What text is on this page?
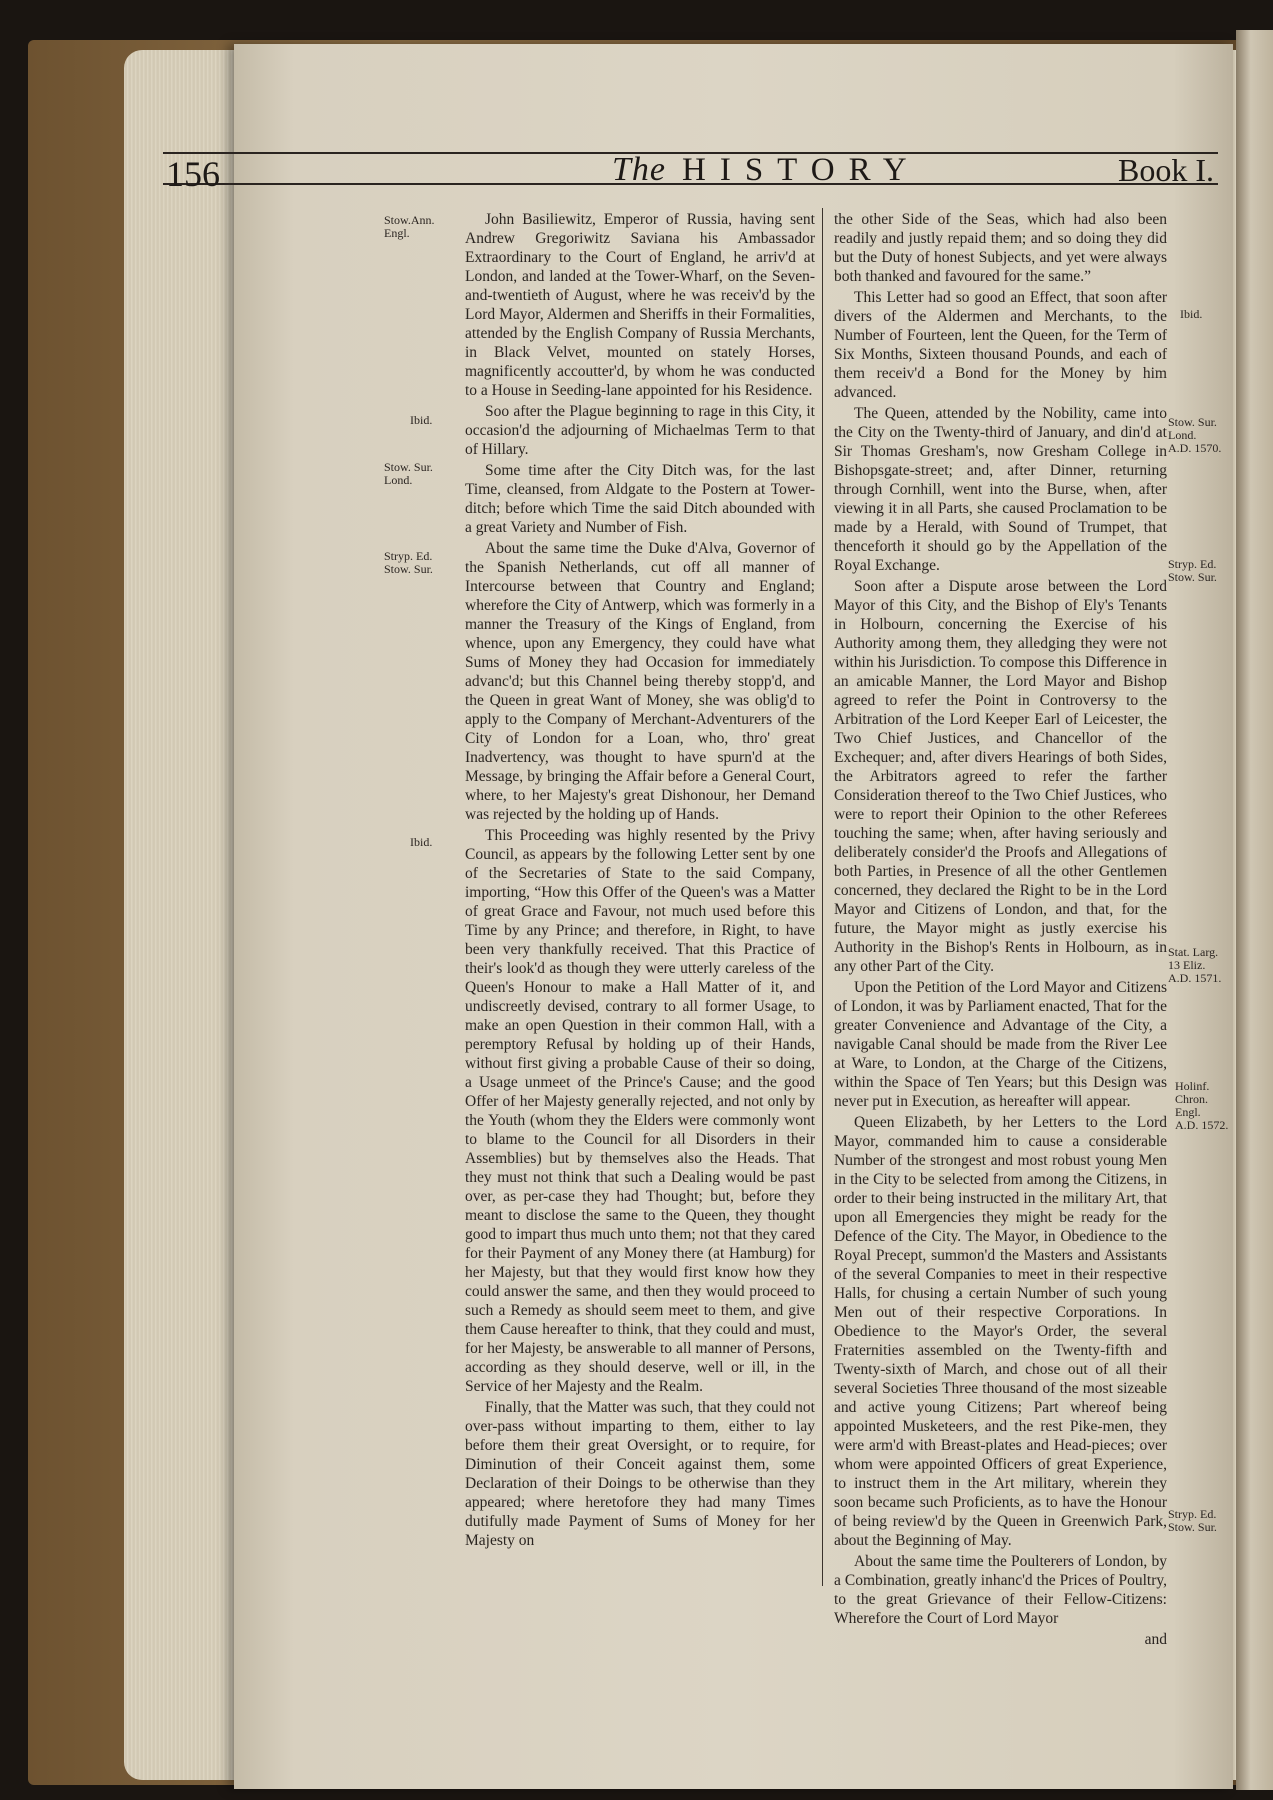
156	The HISTORY	Book I.

John Basiliewitz, Emperor of Russia, having sent Andrew Gregoriwitz Saviana his Ambassador Extraordinary to the Court of England, he arriv'd at London, and landed at the Tower-Wharf, on the Seven-and-twentieth of August, where he was receiv'd by the Lord Mayor, Aldermen and Sheriffs in their Formalities, attended by the English Company of Russia Merchants, in Black Velvet, mounted on stately Horses, magnificently accoutter'd, by whom he was conducted to a House in Seeding-lane appointed for his Residence.

Soo after the Plague beginning to rage in this City, it occasion'd the adjourning of Michaelmas Term to that of Hillary.

Some time after the City Ditch was, for the last Time, cleansed, from Aldgate to the Postern at Tower-ditch; before which Time the said Ditch abounded with a great Variety and Number of Fish.

About the same time the Duke d'Alva, Governor of the Spanish Netherlands, cut off all manner of Intercourse between that Country and England; wherefore the City of Antwerp, which was formerly in a manner the Treasury of the Kings of England, from whence, upon any Emergency, they could have what Sums of Money they had Occasion for immediately advanc'd; but this Channel being thereby stopp'd, and the Queen in great Want of Money, she was oblig'd to apply to the Company of Merchant-Adventurers of the City of London for a Loan, who, thro' great Inadvertency, was thought to have spurn'd at the Message, by bringing the Affair before a General Court, where, to her Majesty's great Dishonour, her Demand was rejected by the holding up of Hands.

This Proceeding was highly resented by the Privy Council, as appears by the following Letter sent by one of the Secretaries of State to the said Company, importing, “How this Offer of the Queen's was a Matter of great Grace and Favour, not much used before this Time by any Prince; and therefore, in Right, to have been very thankfully received. That this Practice of their's look'd as though they were utterly careless of the Queen's Honour to make a Hall Matter of it, and undiscreetly devised, contrary to all former Usage, to make an open Question in their common Hall, with a peremptory Refusal by holding up of their Hands, without first giving a probable Cause of their so doing, a Usage unmeet of the Prince's Cause; and the good Offer of her Majesty generally rejected, and not only by the Youth (whom they the Elders were commonly wont to blame to the Council for all Disorders in their Assemblies) but by themselves also the Heads. That they must not think that such a Dealing would be past over, as per-case they had Thought; but, before they meant to disclose the same to the Queen, they thought good to impart thus much unto them; not that they cared for their Payment of any Money there (at Hamburg) for her Majesty, but that they would first know how they could answer the same, and then they would proceed to such a Remedy as should seem meet to them, and give them Cause hereafter to think, that they could and must, for her Majesty, be answerable to all manner of Persons, according as they should deserve, well or ill, in the Service of her Majesty and the Realm.

Finally, that the Matter was such, that they could not over-pass without imparting to them, either to lay before them their great Oversight, or to require, for Diminution of their Conceit against them, some Declaration of their Doings to be otherwise than they appeared; where heretofore they had many Times dutifully made Payment of Sums of Money for her Majesty on

the other Side of the Seas, which had also been readily and justly repaid them; and so doing they did but the Duty of honest Subjects, and yet were always both thanked and favoured for the same.”

This Letter had so good an Effect, that soon after divers of the Aldermen and Merchants, to the Number of Fourteen, lent the Queen, for the Term of Six Months, Sixteen thousand Pounds, and each of them receiv'd a Bond for the Money by him advanced.

The Queen, attended by the Nobility, came into the City on the Twenty-third of January, and din'd at Sir Thomas Gresham's, now Gresham College in Bishopsgate-street; and, after Dinner, returning through Cornhill, went into the Burse, when, after viewing it in all Parts, she caused Proclamation to be made by a Herald, with Sound of Trumpet, that thenceforth it should go by the Appellation of the Royal Exchange.

Soon after a Dispute arose between the Lord Mayor of this City, and the Bishop of Ely's Tenants in Holbourn, concerning the Exercise of his Authority among them, they alledging they were not within his Jurisdiction. To compose this Difference in an amicable Manner, the Lord Mayor and Bishop agreed to refer the Point in Controversy to the Arbitration of the Lord Keeper Earl of Leicester, the Two Chief Justices, and Chancellor of the Exchequer; and, after divers Hearings of both Sides, the Arbitrators agreed to refer the farther Consideration thereof to the Two Chief Justices, who were to report their Opinion to the other Referees touching the same; when, after having seriously and deliberately consider'd the Proofs and Allegations of both Parties, in Presence of all the other Gentlemen concerned, they declared the Right to be in the Lord Mayor and Citizens of London, and that, for the future, the Mayor might as justly exercise his Authority in the Bishop's Rents in Holbourn, as in any other Part of the City.

Upon the Petition of the Lord Mayor and Citizens of London, it was by Parliament enacted, That for the greater Convenience and Advantage of the City, a navigable Canal should be made from the River Lee at Ware, to London, at the Charge of the Citizens, within the Space of Ten Years; but this Design was never put in Execution, as hereafter will appear.

Queen Elizabeth, by her Letters to the Lord Mayor, commanded him to cause a considerable Number of the strongest and most robust young Men in the City to be selected from among the Citizens, in order to their being instructed in the military Art, that upon all Emergencies they might be ready for the Defence of the City. The Mayor, in Obedience to the Royal Precept, summon'd the Masters and Assistants of the several Companies to meet in their respective Halls, for chusing a certain Number of such young Men out of their respective Corporations. In Obedience to the Mayor's Order, the several Fraternities assembled on the Twenty-fifth and Twenty-sixth of March, and chose out of all their several Societies Three thousand of the most sizeable and active young Citizens; Part whereof being appointed Musketeers, and the rest Pike-men, they were arm'd with Breast-plates and Head-pieces; over whom were appointed Officers of great Experience, to instruct them in the Art military, wherein they soon became such Proficients, as to have the Honour of being review'd by the Queen in Greenwich Park, about the Beginning of May.

About the same time the Poulterers of London, by a Combination, greatly inhanc'd the Prices of Poultry, to the great Grievance of their Fellow-Citizens: Wherefore the Court of Lord Mayor

and

Stow.Ann.
Engl.
Ibid.
Stow. Sur.
Lond.
Stryp. Ed.
Stow. Sur.
Ibid.
Ibid.
Stow. Sur.
Lond.
A.D. 1570.
Stryp. Ed.
Stow. Sur.
Stat. Larg.
13 Eliz.
A.D. 1571.
Holinf.
Chron.
Engl.
A.D. 1572.
Stryp. Ed.
Stow. Sur.
